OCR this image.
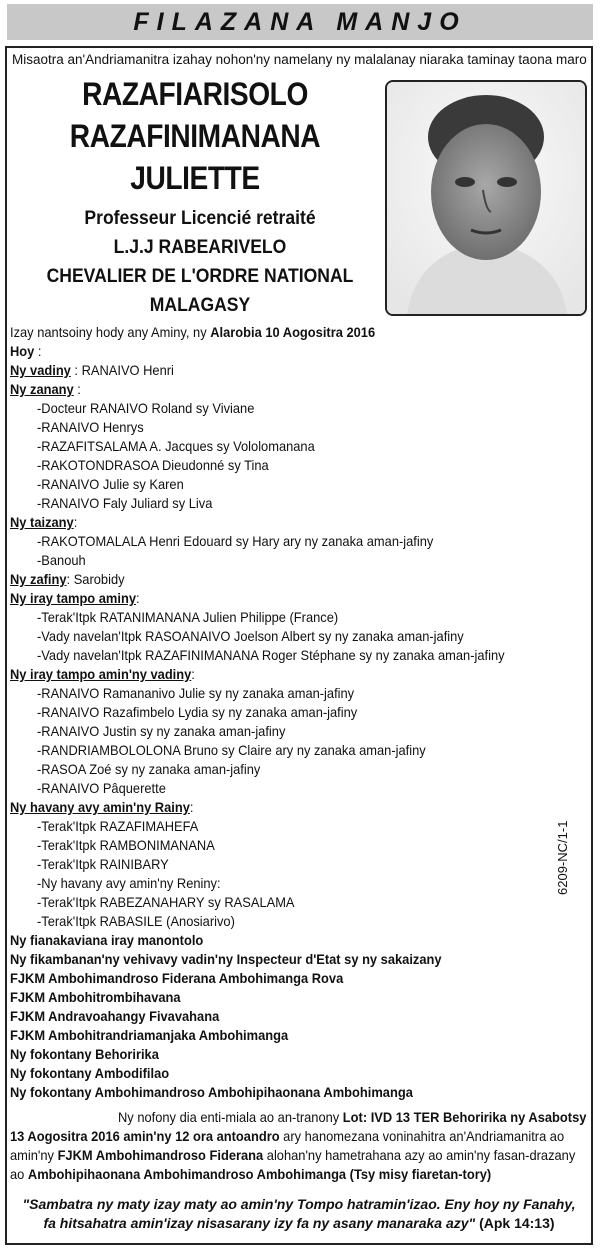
FILAZANA MANJO
Misaotra an'Andriamanitra izahay nohon'ny namelany ny malalanay niaraka taminay taona maro
RAZAFIARISOLO
RAZAFINIMANANA
JULIETTE
Professeur Licencié retraité
L.J.J RABEARIVELO
CHEVALIER DE L'ORDRE NATIONAL
MALAGASY
Izay nantsoiny hody any Aminy, ny Alarobia 10 Aogositra 2016
Hoy :
Ny vadiny : RANAIVO Henri
Ny zanany :
-Docteur RANAIVO Roland sy Viviane
-RANAIVO Henrys
-RAZAFITSALAMA A. Jacques sy Vololomanana
-RAKOTONDRASOA Dieudonné sy Tina
-RANAIVO Julie sy Karen
-RANAIVO Faly Juliard sy Liva
Ny taizany:
-RAKOTOMALALA Henri Edouard sy Hary ary ny zanaka aman-jafiny
-Banouh
Ny zafiny: Sarobidy
Ny iray tampo aminy:
-Terak'Itpk RATANIMANANA Julien Philippe (France)
-Vady navelan'Itpk RASOANAIVO Joelson Albert sy ny zanaka aman-jafiny
-Vady navelan'Itpk RAZAFINIMANANA Roger Stéphane sy ny zanaka aman-jafiny
Ny iray tampo amin'ny vadiny:
-RANAIVO Ramananivo Julie sy ny zanaka aman-jafiny
-RANAIVO Razafimbelo Lydia sy ny zanaka aman-jafiny
-RANAIVO Justin sy ny zanaka aman-jafiny
-RANDRIAMBOLOLONA Bruno sy Claire ary ny zanaka aman-jafiny
-RASOA Zoé sy ny zanaka aman-jafiny
-RANAIVO Pâquerette
Ny havany avy amin'ny Rainy:
-Terak'Itpk RAZAFIMAHEFA
-Terak'Itpk RAMBONIMANANA
-Terak'Itpk RAINIBARY
-Ny havany avy amin'ny Reniny:
-Terak'Itpk RABEZANAHARY sy RASALAMA
-Terak'Itpk RABASILE (Anosiarivo)
Ny fianakaviana iray manontolo
Ny fikambanan'ny vehivavy vadin'ny Inspecteur d'Etat sy ny sakaizany
FJKM Ambohimandroso Fiderana Ambohimanga Rova
FJKM Ambohitrombihavana
FJKM Andravoahangy Fivavahana
FJKM Ambohitrandriamanjaka Ambohimanga
Ny fokontany Behoririka
Ny fokontany Ambodifilao
Ny fokontany Ambohimandroso Ambohipihaonana Ambohimanga
Ny nofony dia enti-miala ao an-tranony Lot: IVD 13 TER Behoririka ny Asabotsy
13 Aogositra 2016 amin'ny 12 ora antoandro ary hanomezana voninahitra an'Andriamanitra ao
amin'ny FJKM Ambohimandroso Fiderana alohan'ny hametrahana azy ao amin'ny fasan-drazany
ao Ambohipihaonana Ambohimandroso Ambohimanga (Tsy misy fiaretan-tory)
"Sambatra ny maty izay maty ao amin'ny Tompo hatramin'izao. Eny hoy ny Fanahy,
fa hitsahatra amin'izay nisasarany izy fa ny asany manaraka azy" (Apk 14:13)
6209-NC/1-1
